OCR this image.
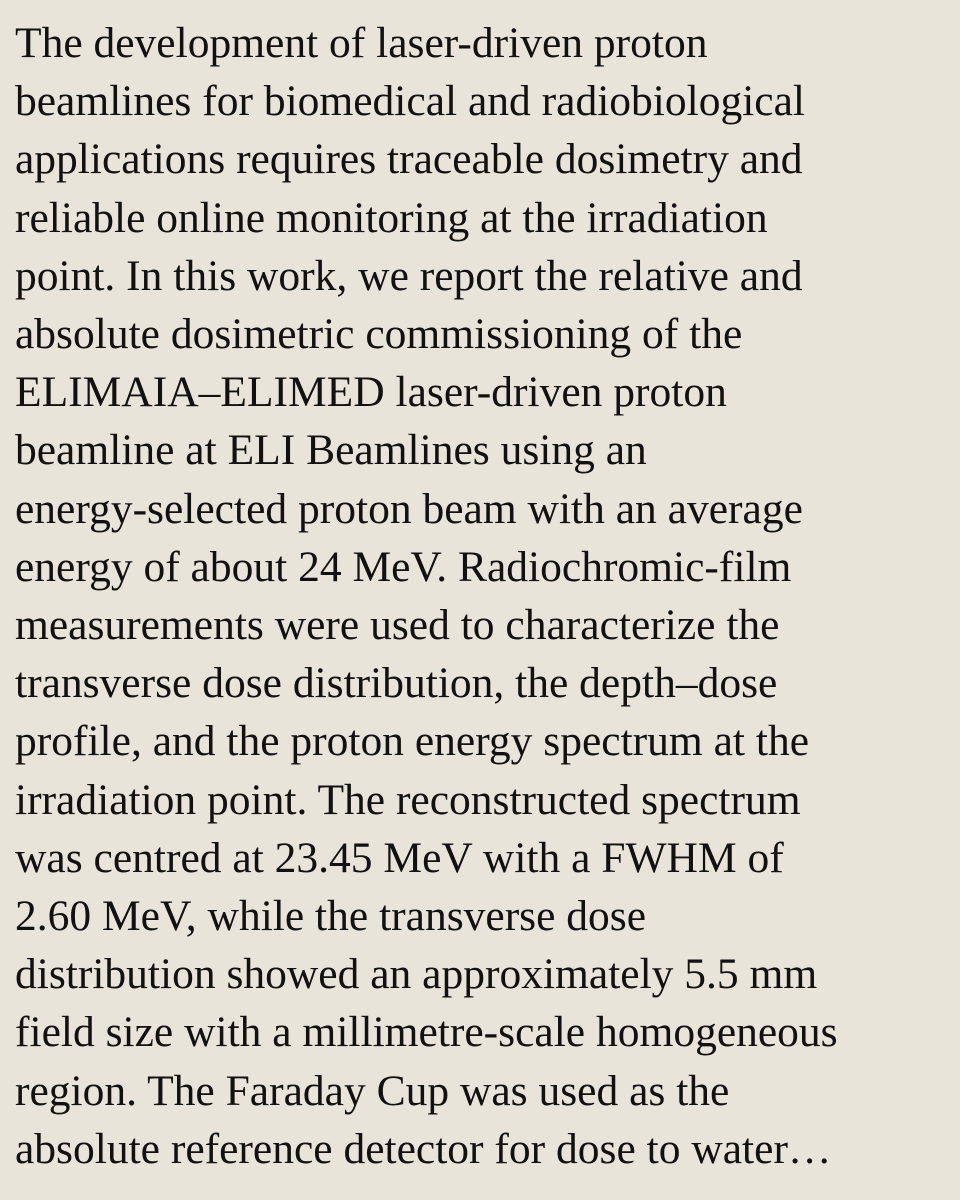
The development of laser-driven proton
beamlines for biomedical and radiobiological
applications requires traceable dosimetry and
reliable online monitoring at the irradiation
point. In this work, we report the relative and
absolute dosimetric commissioning of the
ELIMAIA–ELIMED laser-driven proton
beamline at ELI Beamlines using an
energy-selected proton beam with an average
energy of about 24 MeV. Radiochromic-film
measurements were used to characterize the
transverse dose distribution, the depth–dose
profile, and the proton energy spectrum at the
irradiation point. The reconstructed spectrum
was centred at 23.45 MeV with a FWHM of
2.60 MeV, while the transverse dose
distribution showed an approximately 5.5 mm
field size with a millimetre-scale homogeneous
region. The Faraday Cup was used as the
absolute reference detector for dose to water…
